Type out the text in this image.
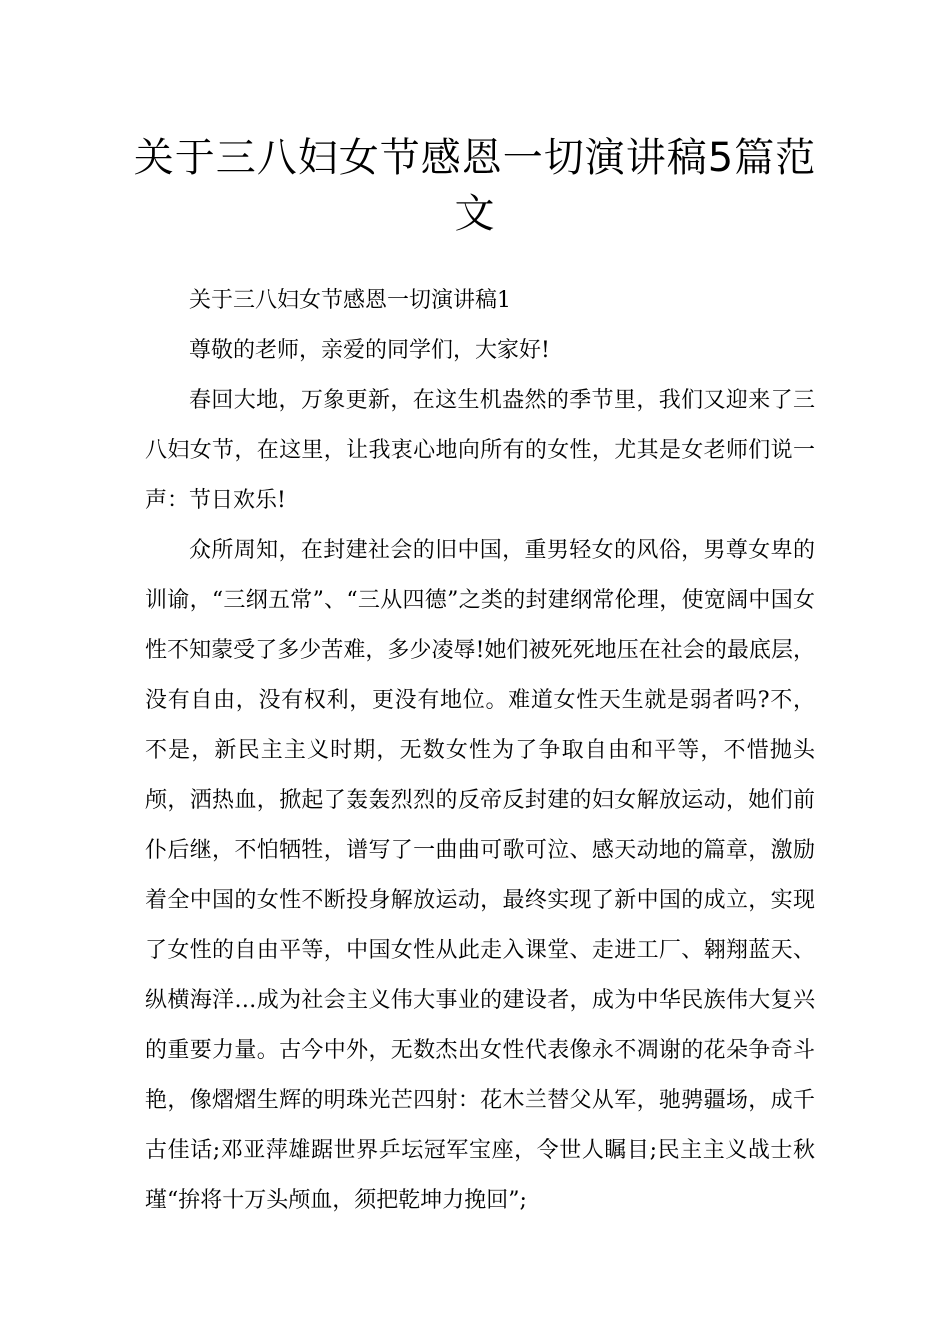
关于三八妇女节感恩一切演讲稿5篇范文

关于三八妇女节感恩一切演讲稿1

尊敬的老师，亲爱的同学们，大家好!

春回大地，万象更新，在这生机盎然的季节里，我们又迎来了三八妇女节，在这里，让我衷心地向所有的女性，尤其是女老师们说一声：节日欢乐!

众所周知，在封建社会的旧中国，重男轻女的风俗，男尊女卑的训谕，“三纲五常”、“三从四德”之类的封建纲常伦理，使宽阔中国女性不知蒙受了多少苦难，多少凌辱!她们被死死地压在社会的最底层，没有自由，没有权利，更没有地位。难道女性天生就是弱者吗?不，不是，新民主主义时期，无数女性为了争取自由和平等，不惜抛头颅，洒热血，掀起了轰轰烈烈的反帝反封建的妇女解放运动，她们前仆后继，不怕牺牲，谱写了一曲曲可歌可泣、感天动地的篇章，激励着全中国的女性不断投身解放运动，最终实现了新中国的成立，实现了女性的自由平等，中国女性从此走入课堂、走进工厂、翱翔蓝天、纵横海洋…成为社会主义伟大事业的建设者，成为中华民族伟大复兴的重要力量。古今中外，无数杰出女性代表像永不凋谢的花朵争奇斗艳，像熠熠生辉的明珠光芒四射：花木兰替父从军，驰骋疆场，成千古佳话;邓亚萍雄踞世界乒坛冠军宝座，令世人瞩目;民主主义战士秋瑾“拚将十万头颅血，须把乾坤力挽回”;
